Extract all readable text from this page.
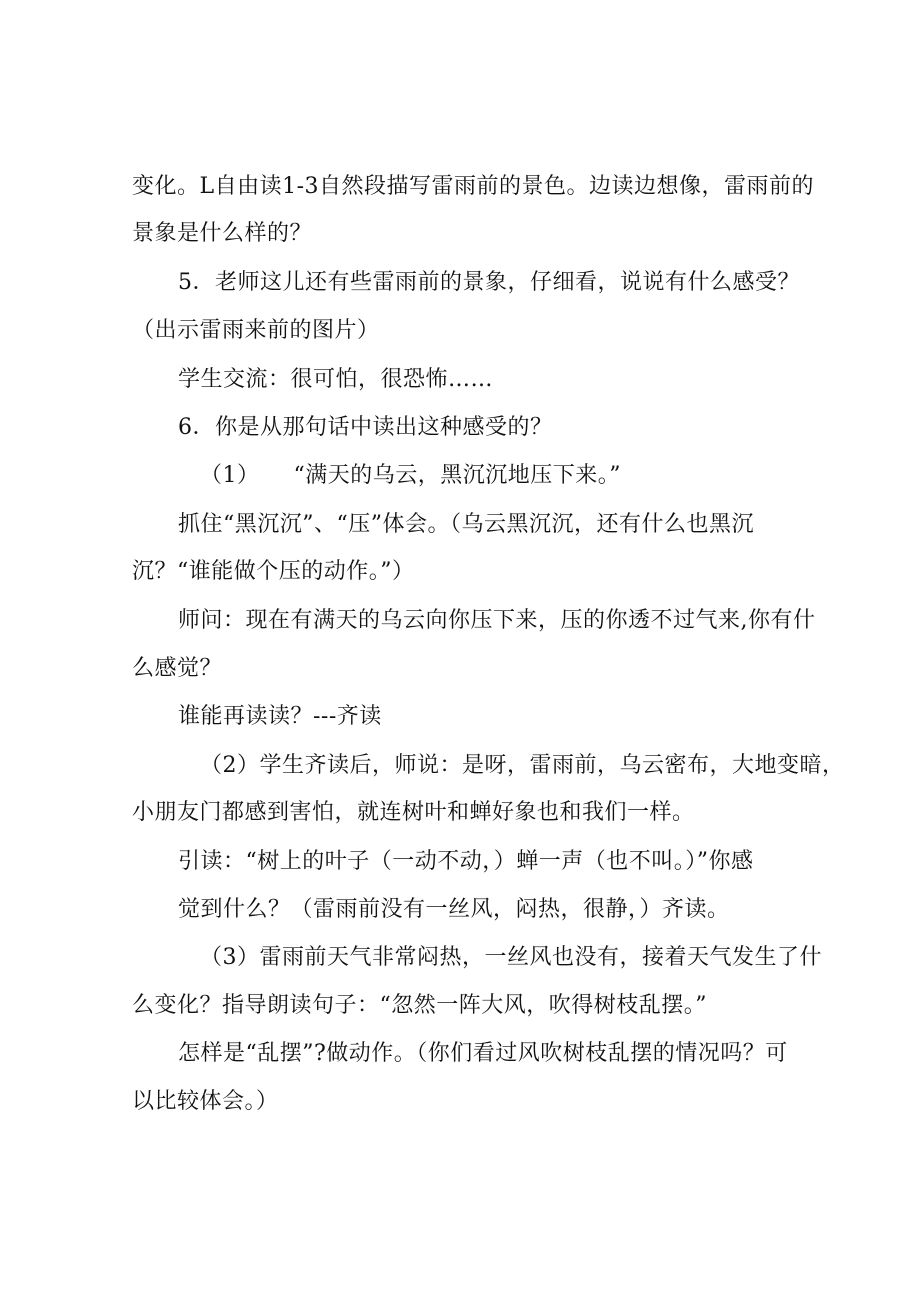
变化。L自由读1-3自然段描写雷雨前的景色。边读边想像，雷雨前的
景象是什么样的？
5．老师这儿还有些雷雨前的景象，仔细看，说说有什么感受？
（出示雷雨来前的图片）
学生交流：很可怕，很恐怖……
6．你是从那句话中读出这种感受的？
（1）　　“满天的乌云，黑沉沉地压下来。”
抓住“黑沉沉”、“压”体会。（乌云黑沉沉，还有什么也黑沉
沉？“谁能做个压的动作。”）
师问：现在有满天的乌云向你压下来，压的你透不过气来,你有什
么感觉？
谁能再读读？---齐读
（2）学生齐读后，师说：是呀，雷雨前，乌云密布，大地变暗，
小朋友门都感到害怕，就连树叶和蝉好象也和我们一样。
引读：“树上的叶子（一动不动，）蝉一声（也不叫。）”你感
觉到什么？（雷雨前没有一丝风，闷热，很静，）齐读。
（3）雷雨前天气非常闷热，一丝风也没有，接着天气发生了什
么变化？指导朗读句子：“忽然一阵大风，吹得树枝乱摆。”
怎样是“乱摆”?做动作。（你们看过风吹树枝乱摆的情况吗？可
以比较体会。）
